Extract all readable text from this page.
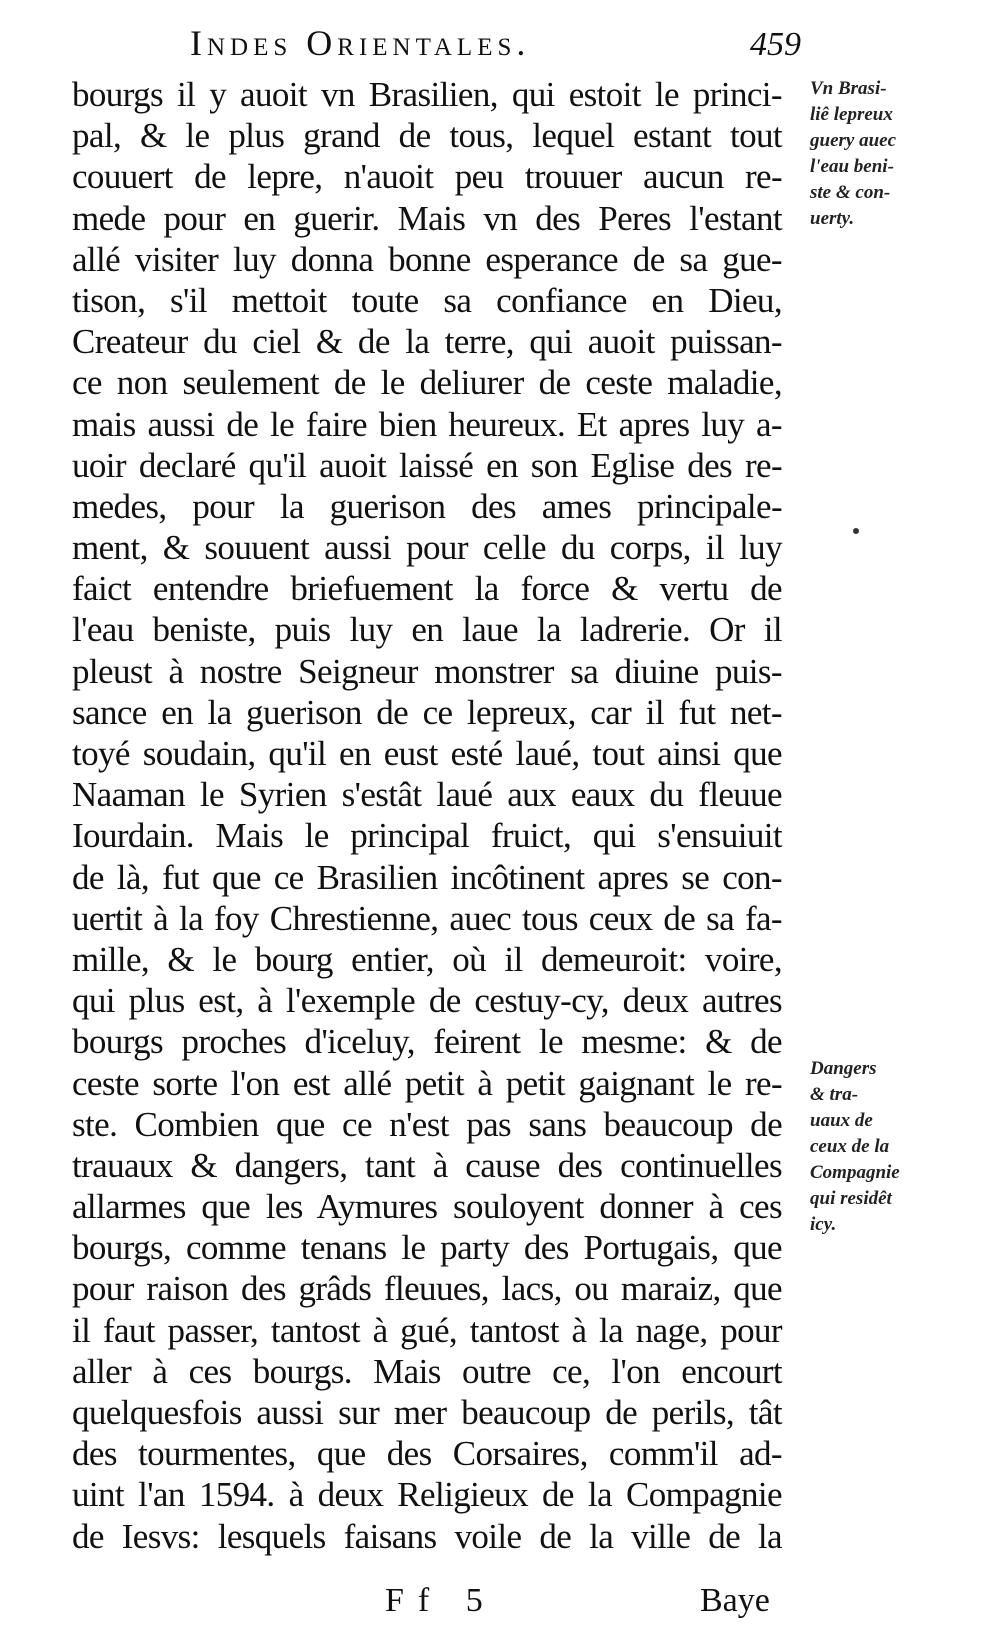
Indes Orientales.	459
bourgs il y auoit vn Brasilien, qui estoit le princi-
pal, & le plus grand de tous, lequel estant tout
couuert de lepre, n'auoit peu trouuer aucun re-
mede pour en guerir. Mais vn des Peres l'estant
allé visiter luy donna bonne esperance de sa gue-
tison, s'il mettoit toute sa confiance en Dieu,
Createur du ciel & de la terre, qui auoit puissan-
ce non seulement de le deliurer de ceste maladie,
mais aussi de le faire bien heureux. Et apres luy a-
uoir declaré qu'il auoit laissé en son Eglise des re-
medes, pour la guerison des ames principale-
ment, & souuent aussi pour celle du corps, il luy
faict entendre briefuement la force & vertu de
l'eau beniste, puis luy en laue la ladrerie. Or il
pleust à nostre Seigneur monstrer sa diuine puis-
sance en la guerison de ce lepreux, car il fut net-
toyé soudain, qu'il en eust esté laué, tout ainsi que
Naaman le Syrien s'estât laué aux eaux du fleuue
Iourdain. Mais le principal fruict, qui s'ensuiuit
de là, fut que ce Brasilien incôtinent apres se con-
uertit à la foy Chrestienne, auec tous ceux de sa fa-
mille, & le bourg entier, où il demeuroit: voire,
qui plus est, à l'exemple de cestuy-cy, deux autres
bourgs proches d'iceluy, feirent le mesme: & de
ceste sorte l'on est allé petit à petit gaignant le re-
ste. Combien que ce n'est pas sans beaucoup de
trauaux & dangers, tant à cause des continuelles
allarmes que les Aymures souloyent donner à ces
bourgs, comme tenans le party des Portugais, que
pour raison des grâds fleuues, lacs, ou maraiz, que
il faut passer, tantost à gué, tantost à la nage, pour
aller à ces bourgs. Mais outre ce, l'on encourt
quelquesfois aussi sur mer beaucoup de perils, tât
des tourmentes, que des Corsaires, comm'il ad-
uint l'an 1594. à deux Religieux de la Compagnie
de Iesvs: lesquels faisans voile de la ville de la
Vn Brasi-
liê lepreux
guery auec
l'eau beni-
ste & con-
uerty.
Dangers
& tra-
uaux de
ceux de la
Compagnie
qui residêt
icy.
Ff 5	Baye
